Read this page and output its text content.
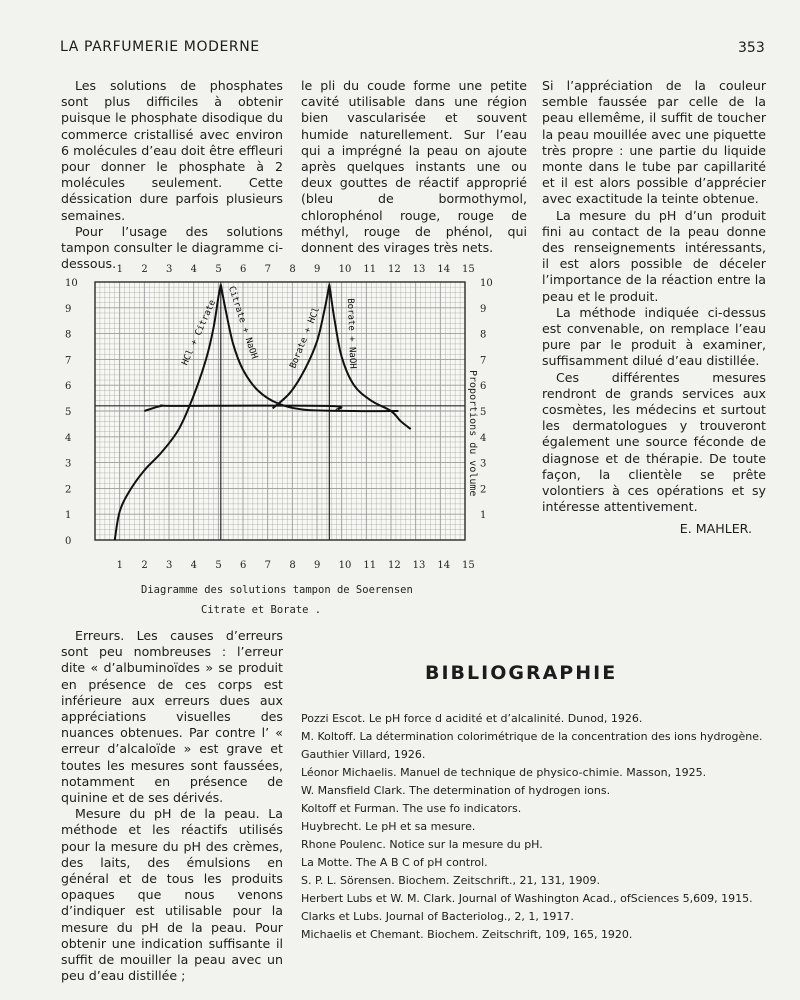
LA PARFUMERIE MODERNE	353

Les solutions de phosphates sont plus difficiles à obtenir puisque le phosphate disodique du commerce cristallisé avec environ 6 molécules d’eau doit être effleuri pour donner le phosphate à 2 molécules seulement. Cette déssication dure parfois plusieurs semaines.

Pour l’usage des solutions tampon consulter le diagramme ci-dessous.

le pli du coude forme une petite cavité utilisable dans une région bien vascularisée et souvent humide naturellement. Sur l’eau qui a imprégné la peau on ajoute après quelques instants une ou deux gouttes de réactif approprié (bleu de bormothymol, chlorophénol rouge, rouge de méthyl, rouge de phénol, qui donnent des virages très nets.

Si l’appréciation de la couleur semble faussée par celle de la peau ellemême, il suffit de toucher la peau mouillée avec une piquette très propre : une partie du liquide monte dans le tube par capillarité et il est alors possible d’apprécier avec exactitude la teinte obtenue.

La mesure du pH d’un produit fini au contact de la peau donne des renseignements intéressants, il est alors possible de déceler l’importance de la réaction entre la peau et le produit.

La méthode indiquée ci-dessus est convenable, on remplace l’eau pure par le produit à examiner, suffisamment dilué d’eau distillée.

Ces différentes mesures rendront de grands services aux cosmètes, les médecins et surtout les dermatologues y trouveront également une source féconde de diagnose et de thérapie. De toute façon, la clientèle se prête volontiers à ces opérations et sy intéresse attentivement.

E. MAHLER.

1 2 3 4 5 6 7 8 9 10 11 12 13 14 15
1 2 3 4 5 6 7 8 9 10 11 12 13 14 15
0
1
2
3
4
5
6
7
8
9
10
1
2
3
4
5
6
7
8
9
10
HCl + Citrate Citrate + NaOH	Borate + HCl	Borate + NaOH
Proportions du volume
Diagramme des solutions tampon de Soerensen
Citrate et Borate .

Erreurs. Les causes d’erreurs sont peu nombreuses : l’erreur dite « d’albuminoïdes » se produit en présence de ces corps est inférieure aux erreurs dues aux appréciations visuelles des nuances obtenues. Par contre l’ « erreur d’alcaloïde » est grave et toutes les mesures sont faussées, notamment en présence de quinine et de ses dérivés.

Mesure du pH de la peau. La méthode et les réactifs utilisés pour la mesure du pH des crèmes, des laits, des émulsions en général et de tous les produits opaques que nous venons d’indiquer est utilisable pour la mesure du pH de la peau. Pour obtenir une indication suffisante il suffit de mouiller la peau avec un peu d’eau distillée ;

BIBLIOGRAPHIE
Pozzi Escot. Le pH force d acidité et d’alcalinité. Dunod, 1926.
M. Koltoff. La détermination colorimétrique de la concentration des ions hydrogène. Gauthier Villard, 1926.
Léonor Michaelis. Manuel de technique de physico-chimie. Masson, 1925.
W. Mansfield Clark. The determination of hydrogen ions.
Koltoff et Furman. The use fo indicators.
Huybrecht. Le pH et sa mesure.
Rhone Poulenc. Notice sur la mesure du pH.
La Motte. The A B C of pH control.
S. P. L. Sörensen. Biochem. Zeitschrift., 21, 131, 1909.
Herbert Lubs et W. M. Clark. Journal of Washington Acad., ofSciences 5,609, 1915.
Clarks et Lubs. Journal of Bacteriolog., 2, 1, 1917.
Michaelis et Chemant. Biochem. Zeitschrift, 109, 165, 1920.
